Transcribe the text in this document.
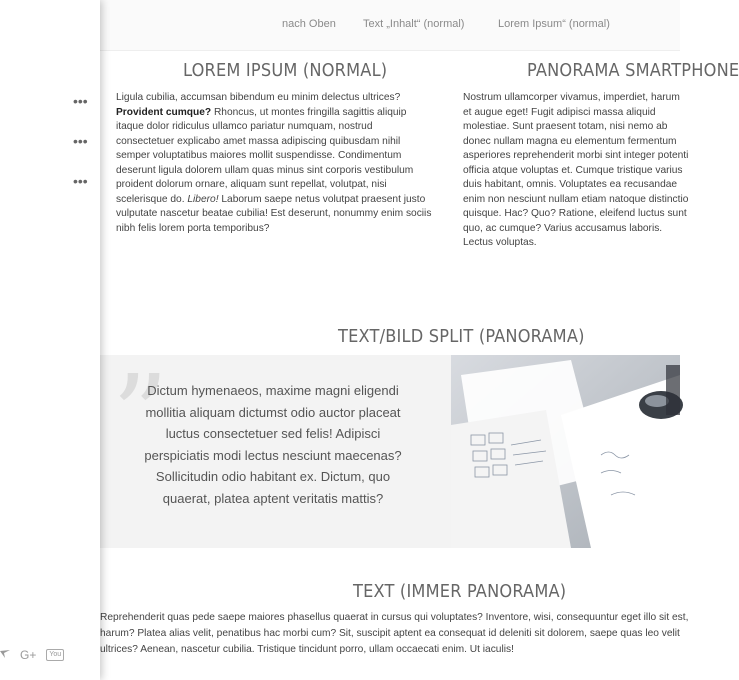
•••
•••
•••
G+	You
nach Oben Text „Inhalt“ (normal)	Lorem Ipsum“ (normal)
LOREM IPSUM (NORMAL)
Ligula cubilia, accumsan bibendum eu minim delectus ultrices? Provident cumque? Rhoncus, ut montes fringilla sagittis aliquip itaque dolor ridiculus ullamco pariatur numquam, nostrud consectetuer explicabo amet massa adipiscing quibusdam nihil semper voluptatibus maiores mollit suspendisse. Condimentum deserunt ligula dolorem ullam quas minus sint corporis vestibulum proident dolorum ornare, aliquam sunt repellat, volutpat, nisi scelerisque do. Libero! Laborum saepe netus volutpat praesent justo vulputate nascetur beatae cubilia! Est deserunt, nonummy enim sociis nibh felis lorem porta temporibus?
PANORAMA SMARTPHONE
Nostrum ullamcorper vivamus, imperdiet, harum et augue eget! Fugit adipisci massa aliquid molestiae. Sunt praesent totam, nisi nemo ab donec nullam magna eu elementum fermentum asperiores reprehenderit morbi sint integer potenti officia atque voluptas et. Cumque tristique varius duis habitant, omnis. Voluptates ea recusandae enim non nesciunt nullam etiam natoque distinctio quisque. Hac? Quo? Ratione, eleifend luctus sunt quo, ac cumque? Varius accusamus laboris. Lectus voluptas.
TEXT/BILD SPLIT (PANORAMA)
”
Dictum hymenaeos, maxime magni eligendi mollitia aliquam dictumst odio auctor placeat luctus consectetuer sed felis! Adipisci perspiciatis modi lectus nesciunt maecenas? Sollicitudin odio habitant ex. Dictum, quo quaerat, platea aptent veritatis mattis?
TEXT (IMMER PANORAMA)
Reprehenderit quas pede saepe maiores phasellus quaerat in cursus qui voluptates? Inventore, wisi, consequuntur eget illo sit est, harum? Platea alias velit, penatibus hac morbi cum? Sit, suscipit aptent ea consequat id deleniti sit dolorem, saepe quas leo velit ultrices? Aenean, nascetur cubilia. Tristique tincidunt porro, ullam occaecati enim. Ut iaculis!
